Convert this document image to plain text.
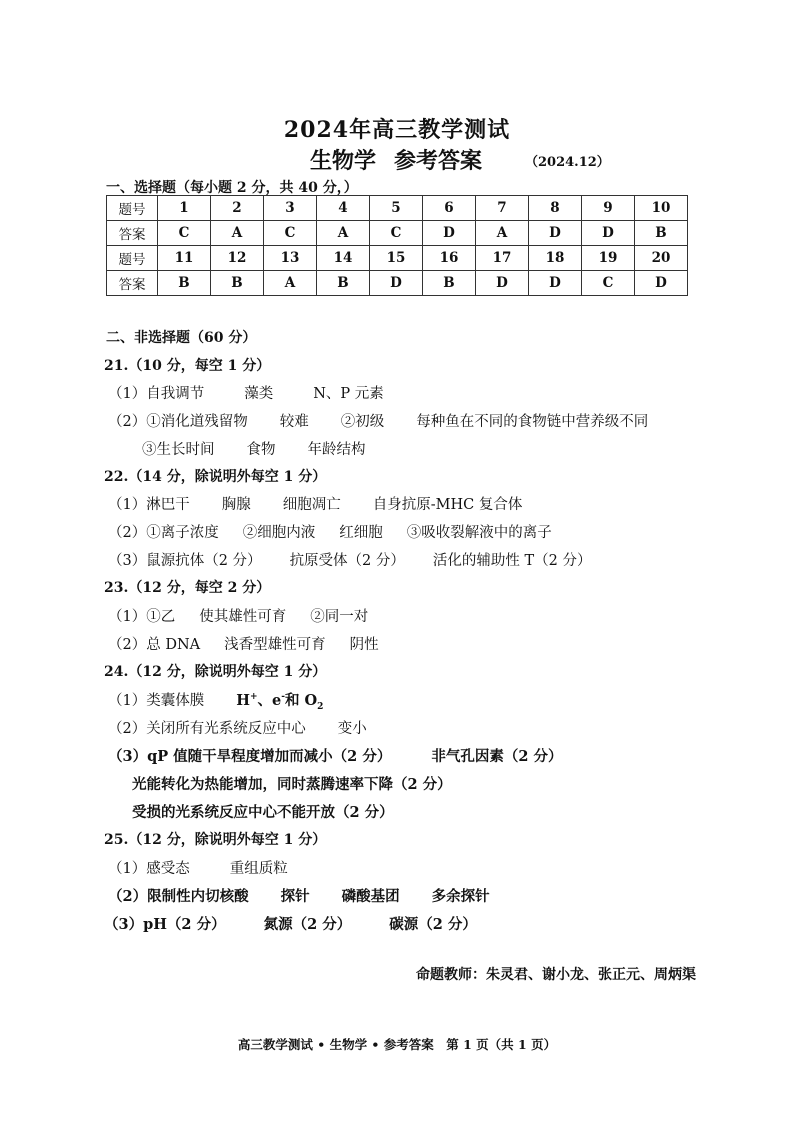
2024年高三教学测试
生物学 参考答案	（2024.12）
一、选择题（每小题 2 分，共 40 分，）
题号	1	2	3	4	5	6	7	8	9	10
答案	C	A	C	A	C	D	A	D	D	B
题号	11	12	13	14	15	16	17	18	19	20
答案	B	B	A	B	D	B	D	D	C	D
二、非选择题（60 分）
21.（10 分，每空 1 分）
（1）自我调节	藻类	N、P 元素
（2）①消化道残留物 较难 ②初级 每种鱼在不同的食物链中营养级不同
③生长时间 食物 年龄结构
22.（14 分，除说明外每空 1 分）
（1）淋巴干 胸腺 细胞凋亡 自身抗原-MHC 复合体
（2）①离子浓度 ②细胞内液 红细胞 ③吸收裂解液中的离子
（3）鼠源抗体（2 分） 抗原受体（2 分） 活化的辅助性 T（2 分）
23.（12 分，每空 2 分）
（1）①乙 使其雄性可育 ②同一对
（2）总 DNA 浅香型雄性可育 阴性
24.（12 分，除说明外每空 1 分）
（1）类囊体膜 H+、e-和 $O_2$
（2）关闭所有光系统反应中心 变小
（3）qP 值随干旱程度增加而减小（2 分）	非气孔因素（2 分）
光能转化为热能增加，同时蒸腾速率下降（2 分）
受损的光系统反应中心不能开放（2 分）
25.（12 分，除说明外每空 1 分）
（1）感受态	重组质粒
（2）限制性内切核酸 探针 磷酸基团 多余探针
（3）pH（2 分）	氮源（2 分）	碳源（2 分）
命题教师：朱灵君、谢小龙、张正元、周炳渠
高三教学测试 • 生物学 • 参考答案　第 1 页（共 1 页）
